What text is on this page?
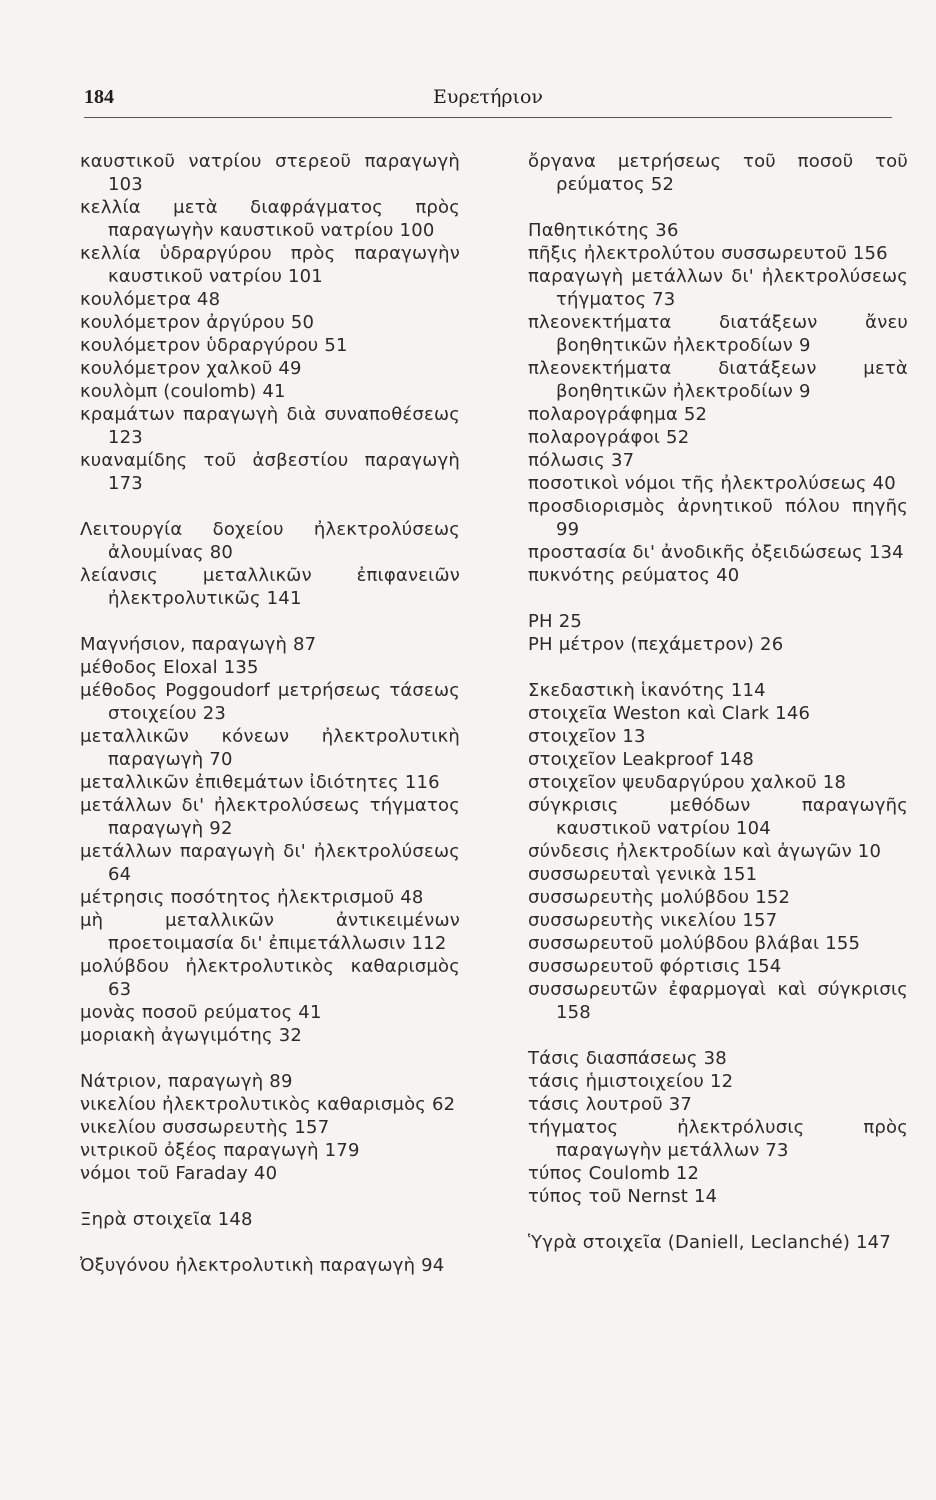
184	Ευρετήριον
καυστικοῦ νατρίου στερεοῦ παραγωγὴ 103
κελλία μετὰ διαφράγματος πρὸς παραγωγὴν καυστικοῦ νατρίου 100
κελλία ὑδραργύρου πρὸς παραγωγὴν καυστικοῦ νατρίου 101
κουλόμετρα 48
κουλόμετρον ἀργύρου 50
κουλόμετρον ὑδραργύρου 51
κουλόμετρον χαλκοῦ 49
κουλὸμπ (coulomb) 41
κραμάτων παραγωγὴ διὰ συναποθέσεως 123
κυαναμίδης τοῦ ἀσβεστίου παραγωγὴ 173
Λειτουργία δοχείου ἠλεκτρολύσεως ἀλουμίνας 80
λείανσις μεταλλικῶν ἐπιφανειῶν ἠλεκτρολυτικῶς 141
Μαγνήσιον, παραγωγὴ 87
μέθοδος Eloxal 135
μέθοδος Poggoudorf μετρήσεως τάσεως στοιχείου 23
μεταλλικῶν κόνεων ἠλεκτρολυτικὴ παραγωγὴ 70
μεταλλικῶν ἐπιθεμάτων ἰδιότητες 116
μετάλλων δι' ἠλεκτρολύσεως τήγματος παραγωγὴ 92
μετάλλων παραγωγὴ δι' ἠλεκτρολύσεως 64
μέτρησις ποσότητος ἠλεκτρισμοῦ 48
μὴ μεταλλικῶν ἀντικειμένων προετοιμασία δι' ἐπιμετάλλωσιν 112
μολύβδου ἠλεκτρολυτικὸς καθαρισμὸς 63
μονὰς ποσοῦ ρεύματος 41
μοριακὴ ἀγωγιμότης 32
Νάτριον, παραγωγὴ 89
νικελίου ἠλεκτρολυτικὸς καθαρισμὸς 62
νικελίου συσσωρευτὴς 157
νιτρικοῦ ὀξέος παραγωγὴ 179
νόμοι τοῦ Faraday 40
Ξηρὰ στοιχεῖα 148
Ὀξυγόνου ἠλεκτρολυτικὴ παραγωγὴ 94
ὄργανα μετρήσεως τοῦ ποσοῦ τοῦ ρεύματος 52
Παθητικότης 36
πῆξις ἠλεκτρολύτου συσσωρευτοῦ 156
παραγωγὴ μετάλλων δι' ἠλεκτρολύσεως τήγματος 73
πλεονεκτήματα διατάξεων ἄνευ βοηθητικῶν ἠλεκτροδίων 9
πλεονεκτήματα διατάξεων μετὰ βοηθητικῶν ἠλεκτροδίων 9
πολαρογράφημα 52
πολαρογράφοι 52
πόλωσις 37
ποσοτικοὶ νόμοι τῆς ἠλεκτρολύσεως 40
προσδιορισμὸς ἀρνητικοῦ πόλου πηγῆς 99
προστασία δι' ἀνοδικῆς ὀξειδώσεως 134
πυκνότης ρεύματος 40
PH 25
PH μέτρον (πεχάμετρον) 26
Σκεδαστικὴ ἱκανότης 114
στοιχεῖα Weston καὶ Clark 146
στοιχεῖον 13
στοιχεῖον Leakproof 148
στοιχεῖον ψευδαργύρου χαλκοῦ 18
σύγκρισις μεθόδων παραγωγῆς καυστικοῦ νατρίου 104
σύνδεσις ἠλεκτροδίων καὶ ἀγωγῶν 10
συσσωρευταὶ γενικὰ 151
συσσωρευτὴς μολύβδου 152
συσσωρευτὴς νικελίου 157
συσσωρευτοῦ μολύβδου βλάβαι 155
συσσωρευτοῦ φόρτισις 154
συσσωρευτῶν ἐφαρμογαὶ καὶ σύγκρισις 158
Τάσις διασπάσεως 38
τάσις ἡμιστοιχείου 12
τάσις λουτροῦ 37
τήγματος ἠλεκτρόλυσις πρὸς παραγωγὴν μετάλλων 73
τύπος Coulomb 12
τύπος τοῦ Nernst 14
Ὑγρὰ στοιχεῖα (Daniell, Leclanché) 147
